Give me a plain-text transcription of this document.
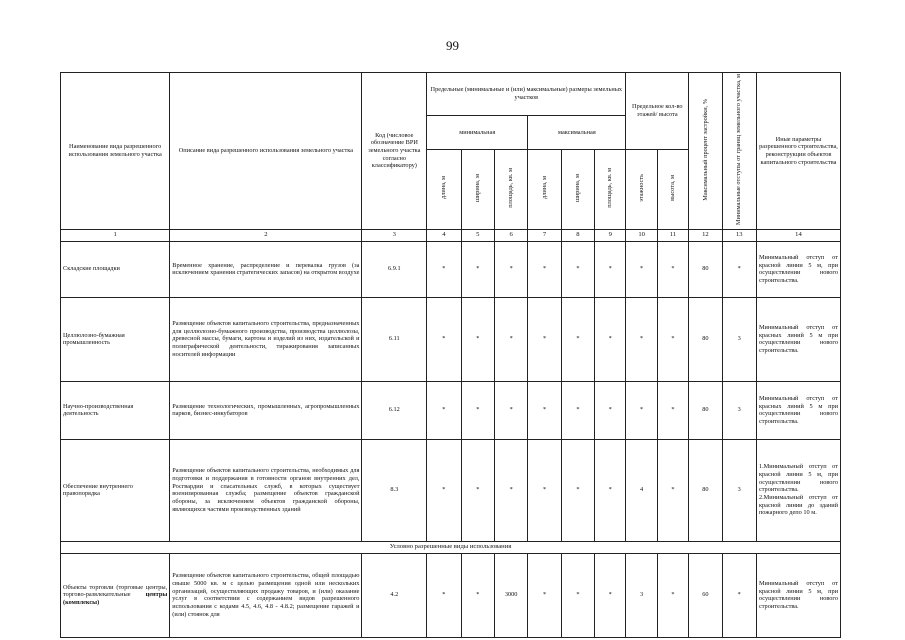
99
Наименование вида разрешенного использования земельного участка	Описание вида разрешенного использования земельного участка	Код (числовое обозначение ВРИ земельного участка согласно классификатору)	Предельные (минимальные и (или) максимальные) размеры земельных участков						Предельное кол-во этажей/ высота		Максимальный процент застройки, %	Минимальные отступы от границ земельного участка, м	Иные параметры разрешенного строительства, реконструкции объектов капитального строительства
			минимальная			максимальная							
			длина, м	ширина, м	площадь, кв. м	длина, м	ширина, м	площадь, кв. м	этажность	высота, м			
1	2	3	4	5	6	7	8	9	10	11	12	13	14
Складские площадки	Временное хранение, распределение и перевалка грузов (за исключением хранения стратегических запасов) на открытом воздухе	6.9.1	*	*	*	*	*	*	*	*	80	*	Минимальный отступ от красной линии 5 м, при осуществлении нового строительства.
Целлюлозно-бумажная промышленность	Размещение объектов капитального строительства, предназначенных для целлюлозно-бумажного производства, производства целлюлозы, древесной массы, бумаги, картона и изделий из них, издательской и полиграфической деятельности, тиражирования записанных носителей информации	6.11	*	*	*	*	*	*	*	*	80	3	Минимальный отступ от красных линий 5 м при осуществлении нового строительства.
Научно-производственная деятельность	Размещение технологических, промышленных, агропромышленных парков, бизнес-инкубаторов	6.12	*	*	*	*	*	*	*	*	80	3	Минимальный отступ от красных линий 5 м при осуществлении нового строительства.
Обеспечение внутреннего правопорядка	Размещение объектов капитального строительства, необходимых для подготовки и поддержания в готовности органов внутренних дел, Росгвардии и спасательных служб, в которых существует военизированная служба; размещение объектов гражданской обороны, за исключением объектов гражданской обороны, являющихся частями производственных зданий	8.3	*	*	*	*	*	*	4	*	80	3	1.Минимальный отступ от красной линии 5 м, при осуществлении нового строительства. 2.Минимальный отступ от красной линии до зданий пожарного депо 10 м.
Условно разрешенные виды использования													
Объекты торговли (торговые центры, торгово-развлекательные центры (комплексы)	Размещение объектов капитального строительства, общей площадью свыше 5000 кв. м с целью размещения одной или нескольких организаций, осуществляющих продажу товаров, и (или) оказание услуг в соответствии с содержанием видов разрешенного использования с кодами 4.5, 4.6, 4.8 - 4.8.2; размещение гаражей и (или) стоянок для	4.2	*	*	3000	*	*	*	3	*	60	*	Минимальный отступ от красной линии 5 м, при осуществлении нового строительства.
